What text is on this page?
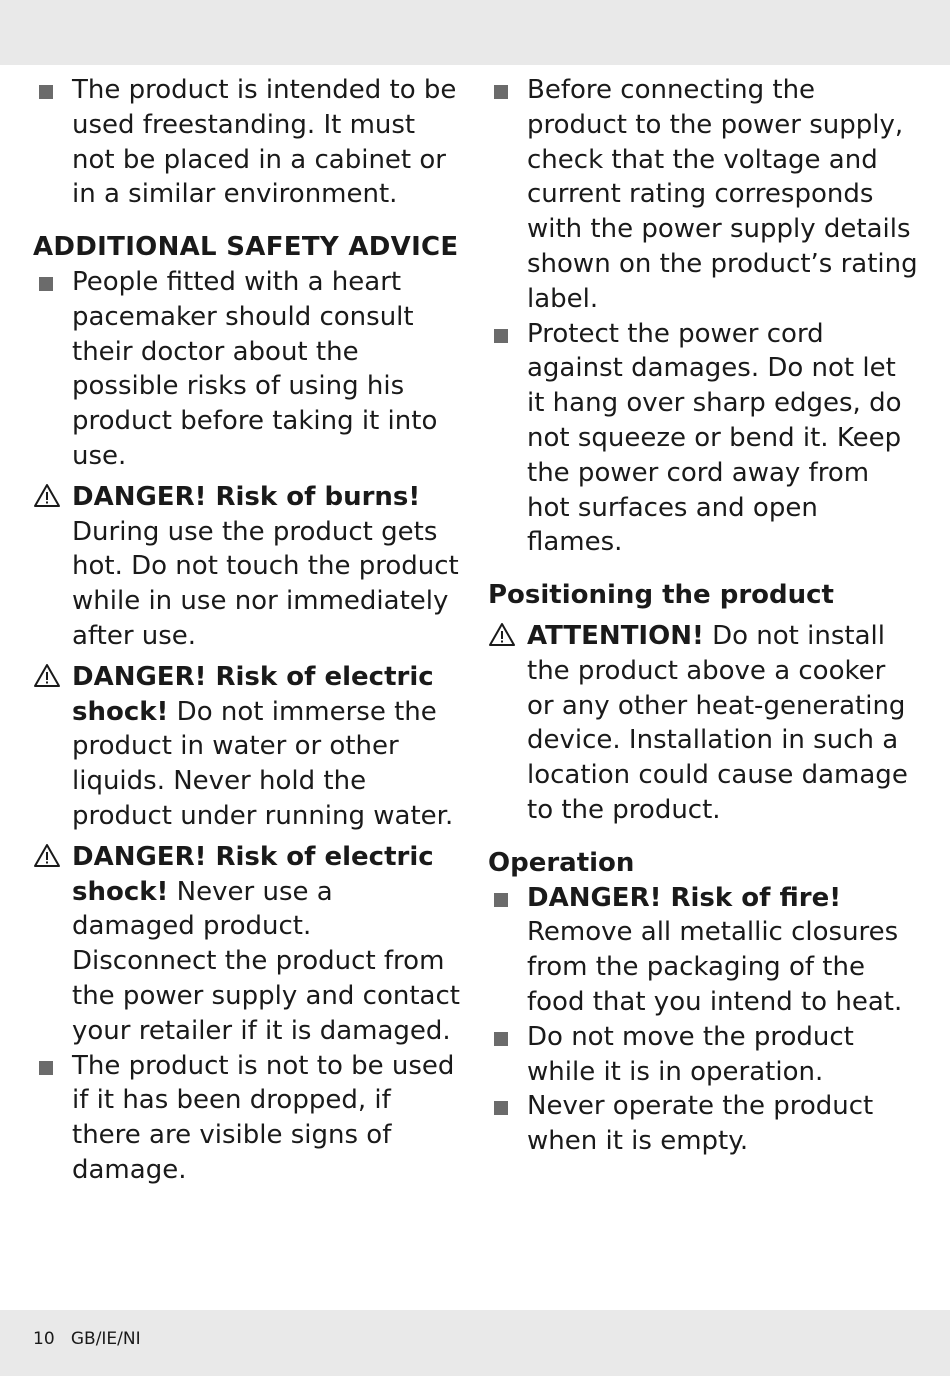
The product is intended to be used freestanding. It must not be placed in a cabinet or in a similar environment.
ADDITIONAL SAFETY ADVICE
People fitted with a heart pacemaker should consult their doctor about the possible risks of using his product before taking it into use.
DANGER! Risk of burns!
During use the product gets hot. Do not touch the product while in use nor immediately after use.
DANGER! Risk of electric shock! Do not immerse the product in water or other liquids. Never hold the product under running water.
DANGER! Risk of electric shock! Never use a damaged product. Disconnect the product from the power supply and contact your retailer if it is damaged.
The product is not to be used if it has been dropped, if there are visible signs of damage.
Before connecting the product to the power supply, check that the voltage and current rating corresponds with the power supply details shown on the product’s rating label.
Protect the power cord against damages. Do not let it hang over sharp edges, do not squeeze or bend it. Keep the power cord away from hot surfaces and open flames.
Positioning the product
ATTENTION! Do not install the product above a cooker or any other heat-generating device. Installation in such a location could cause damage to the product.
Operation
DANGER! Risk of fire!
Remove all metallic closures from the packaging of the food that you intend to heat.
Do not move the product while it is in operation.
Never operate the product when it is empty.
10 GB/IE/NI
